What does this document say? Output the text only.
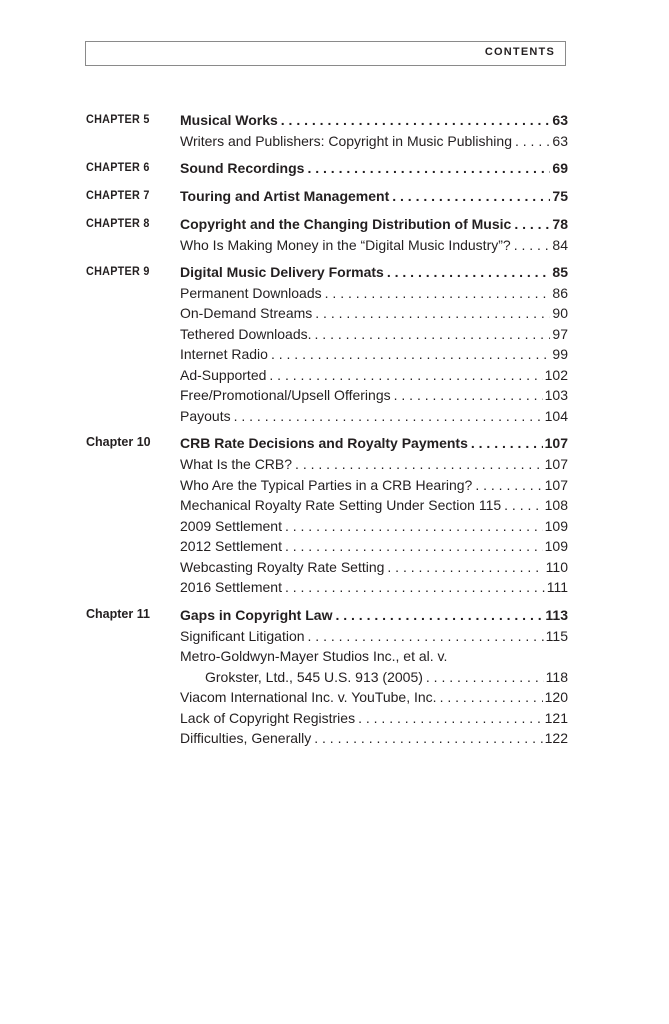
CONTENTS
CHAPTER 5 Musical Works . . .	63
Writers and Publishers: Copyright in Music Publishing . . .	63
CHAPTER 6 Sound Recordings . . .	69
CHAPTER 7 Touring and Artist Management . . .	75
CHAPTER 8 Copyright and the Changing Distribution of Music . . .	78
Who Is Making Money in the “Digital Music Industry”? . . .	84
CHAPTER 9 Digital Music Delivery Formats . . .	85
Permanent Downloads . . .	86
On-Demand Streams . . .	90
Tethered Downloads. . . .	97
Internet Radio . . .	99
Ad-Supported . . .	102
Free/Promotional/Upsell Offerings . . .	103
Payouts . . .	104
Chapter 10 CRB Rate Decisions and Royalty Payments . . .	107
What Is the CRB? . . .	107
Who Are the Typical Parties in a CRB Hearing? . . .	107
Mechanical Royalty Rate Setting Under Section 115 . . .	108
2009 Settlement . . .	109
2012 Settlement . . .	109
Webcasting Royalty Rate Setting . . .	110
2016 Settlement . . .	111
Chapter 11 Gaps in Copyright Law . . .	113
Significant Litigation . . .	115
Metro-Goldwyn-Mayer Studios Inc., et al. v.
Grokster, Ltd., 545 U.S. 913 (2005) . . .	118
Viacom International Inc. v. YouTube, Inc. . . .	120
Lack of Copyright Registries . . .	121
Difficulties, Generally . . .	122
